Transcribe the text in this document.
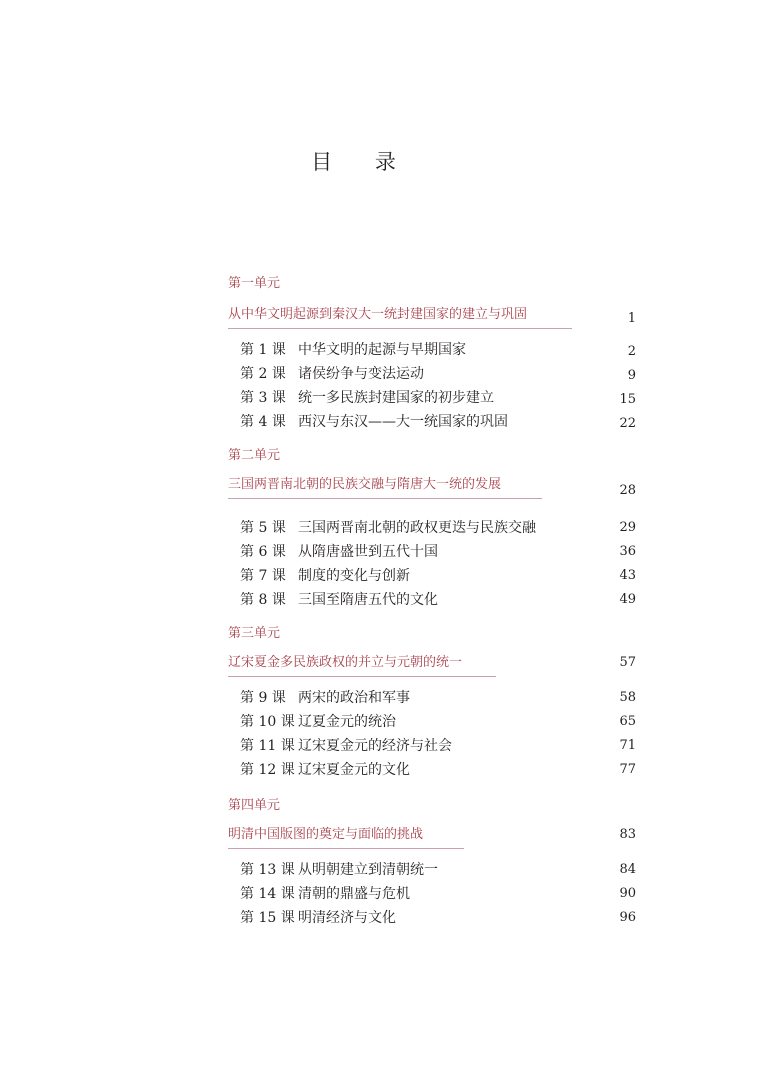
目 录
第一单元
从中华文明起源到秦汉大一统封建国家的建立与巩固	1
第 1 课 中华文明的起源与早期国家	2
第 2 课 诸侯纷争与变法运动	9
第 3 课 统一多民族封建国家的初步建立	15
第 4 课 西汉与东汉——大一统国家的巩固	22
第二单元
三国两晋南北朝的民族交融与隋唐大一统的发展	28
第 5 课 三国两晋南北朝的政权更迭与民族交融	29
第 6 课 从隋唐盛世到五代十国	36
第 7 课 制度的变化与创新	43
第 8 课 三国至隋唐五代的文化	49
第三单元
辽宋夏金多民族政权的并立与元朝的统一	57
第 9 课 两宋的政治和军事	58
第 10 课 辽夏金元的统治	65
第 11 课 辽宋夏金元的经济与社会	71
第 12 课 辽宋夏金元的文化	77
第四单元
明清中国版图的奠定与面临的挑战	83
第 13 课 从明朝建立到清朝统一	84
第 14 课 清朝的鼎盛与危机	90
第 15 课 明清经济与文化	96
